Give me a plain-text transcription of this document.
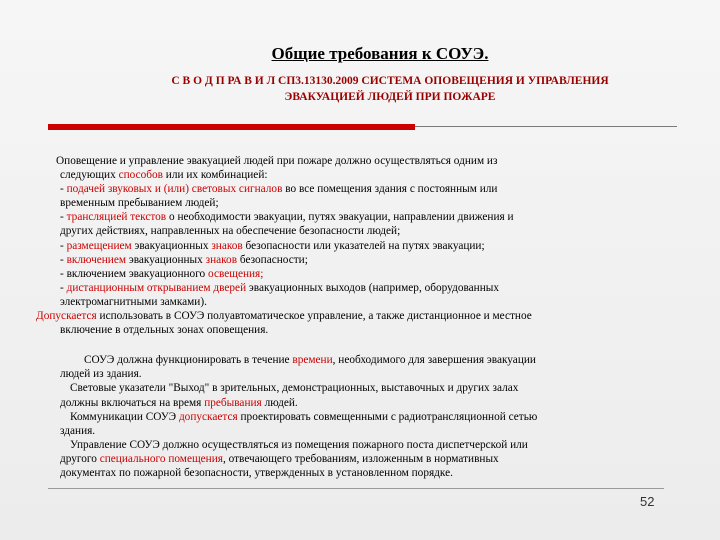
Общие требования к СОУЭ.
С В О Д П РА В И Л СП3.13130.2009 СИСТЕМА ОПОВЕЩЕНИЯ И УПРАВЛЕНИЯ
ЭВАКУАЦИЕЙ ЛЮДЕЙ ПРИ ПОЖАРЕ

Оповещение и управление эвакуацией людей при пожаре должно осуществляться одним из
следующих способов или их комбинацией:

- подачей звуковых и (или) световых сигналов во все помещения здания с постоянным или
временным пребыванием людей;

- трансляцией текстов о необходимости эвакуации, путях эвакуации, направлении движения и
других действиях, направленных на обеспечение безопасности людей;

- размещением эвакуационных знаков безопасности или указателей на путях эвакуации;

- включением эвакуационных знаков безопасности;

- включением эвакуационного освещения;

- дистанционным открыванием дверей эвакуационных выходов (например, оборудованных
электромагнитными замками).

Допускается использовать в СОУЭ полуавтоматическое управление, а также дистанционное и местное
включение в отдельных зонах оповещения.

СОУЭ должна функционировать в течение времени, необходимого для завершения эвакуации
людей из здания.

Световые указатели "Выход" в зрительных, демонстрационных, выставочных и других залах
должны включаться на время пребывания людей.

Коммуникации СОУЭ допускается проектировать совмещенными с радиотрансляционной сетью
здания.

Управление СОУЭ должно осуществляться из помещения пожарного поста диспетчерской или
другого специального помещения, отвечающего требованиям, изложенным в нормативных
документах по пожарной безопасности, утвержденных в установленном порядке.

52
